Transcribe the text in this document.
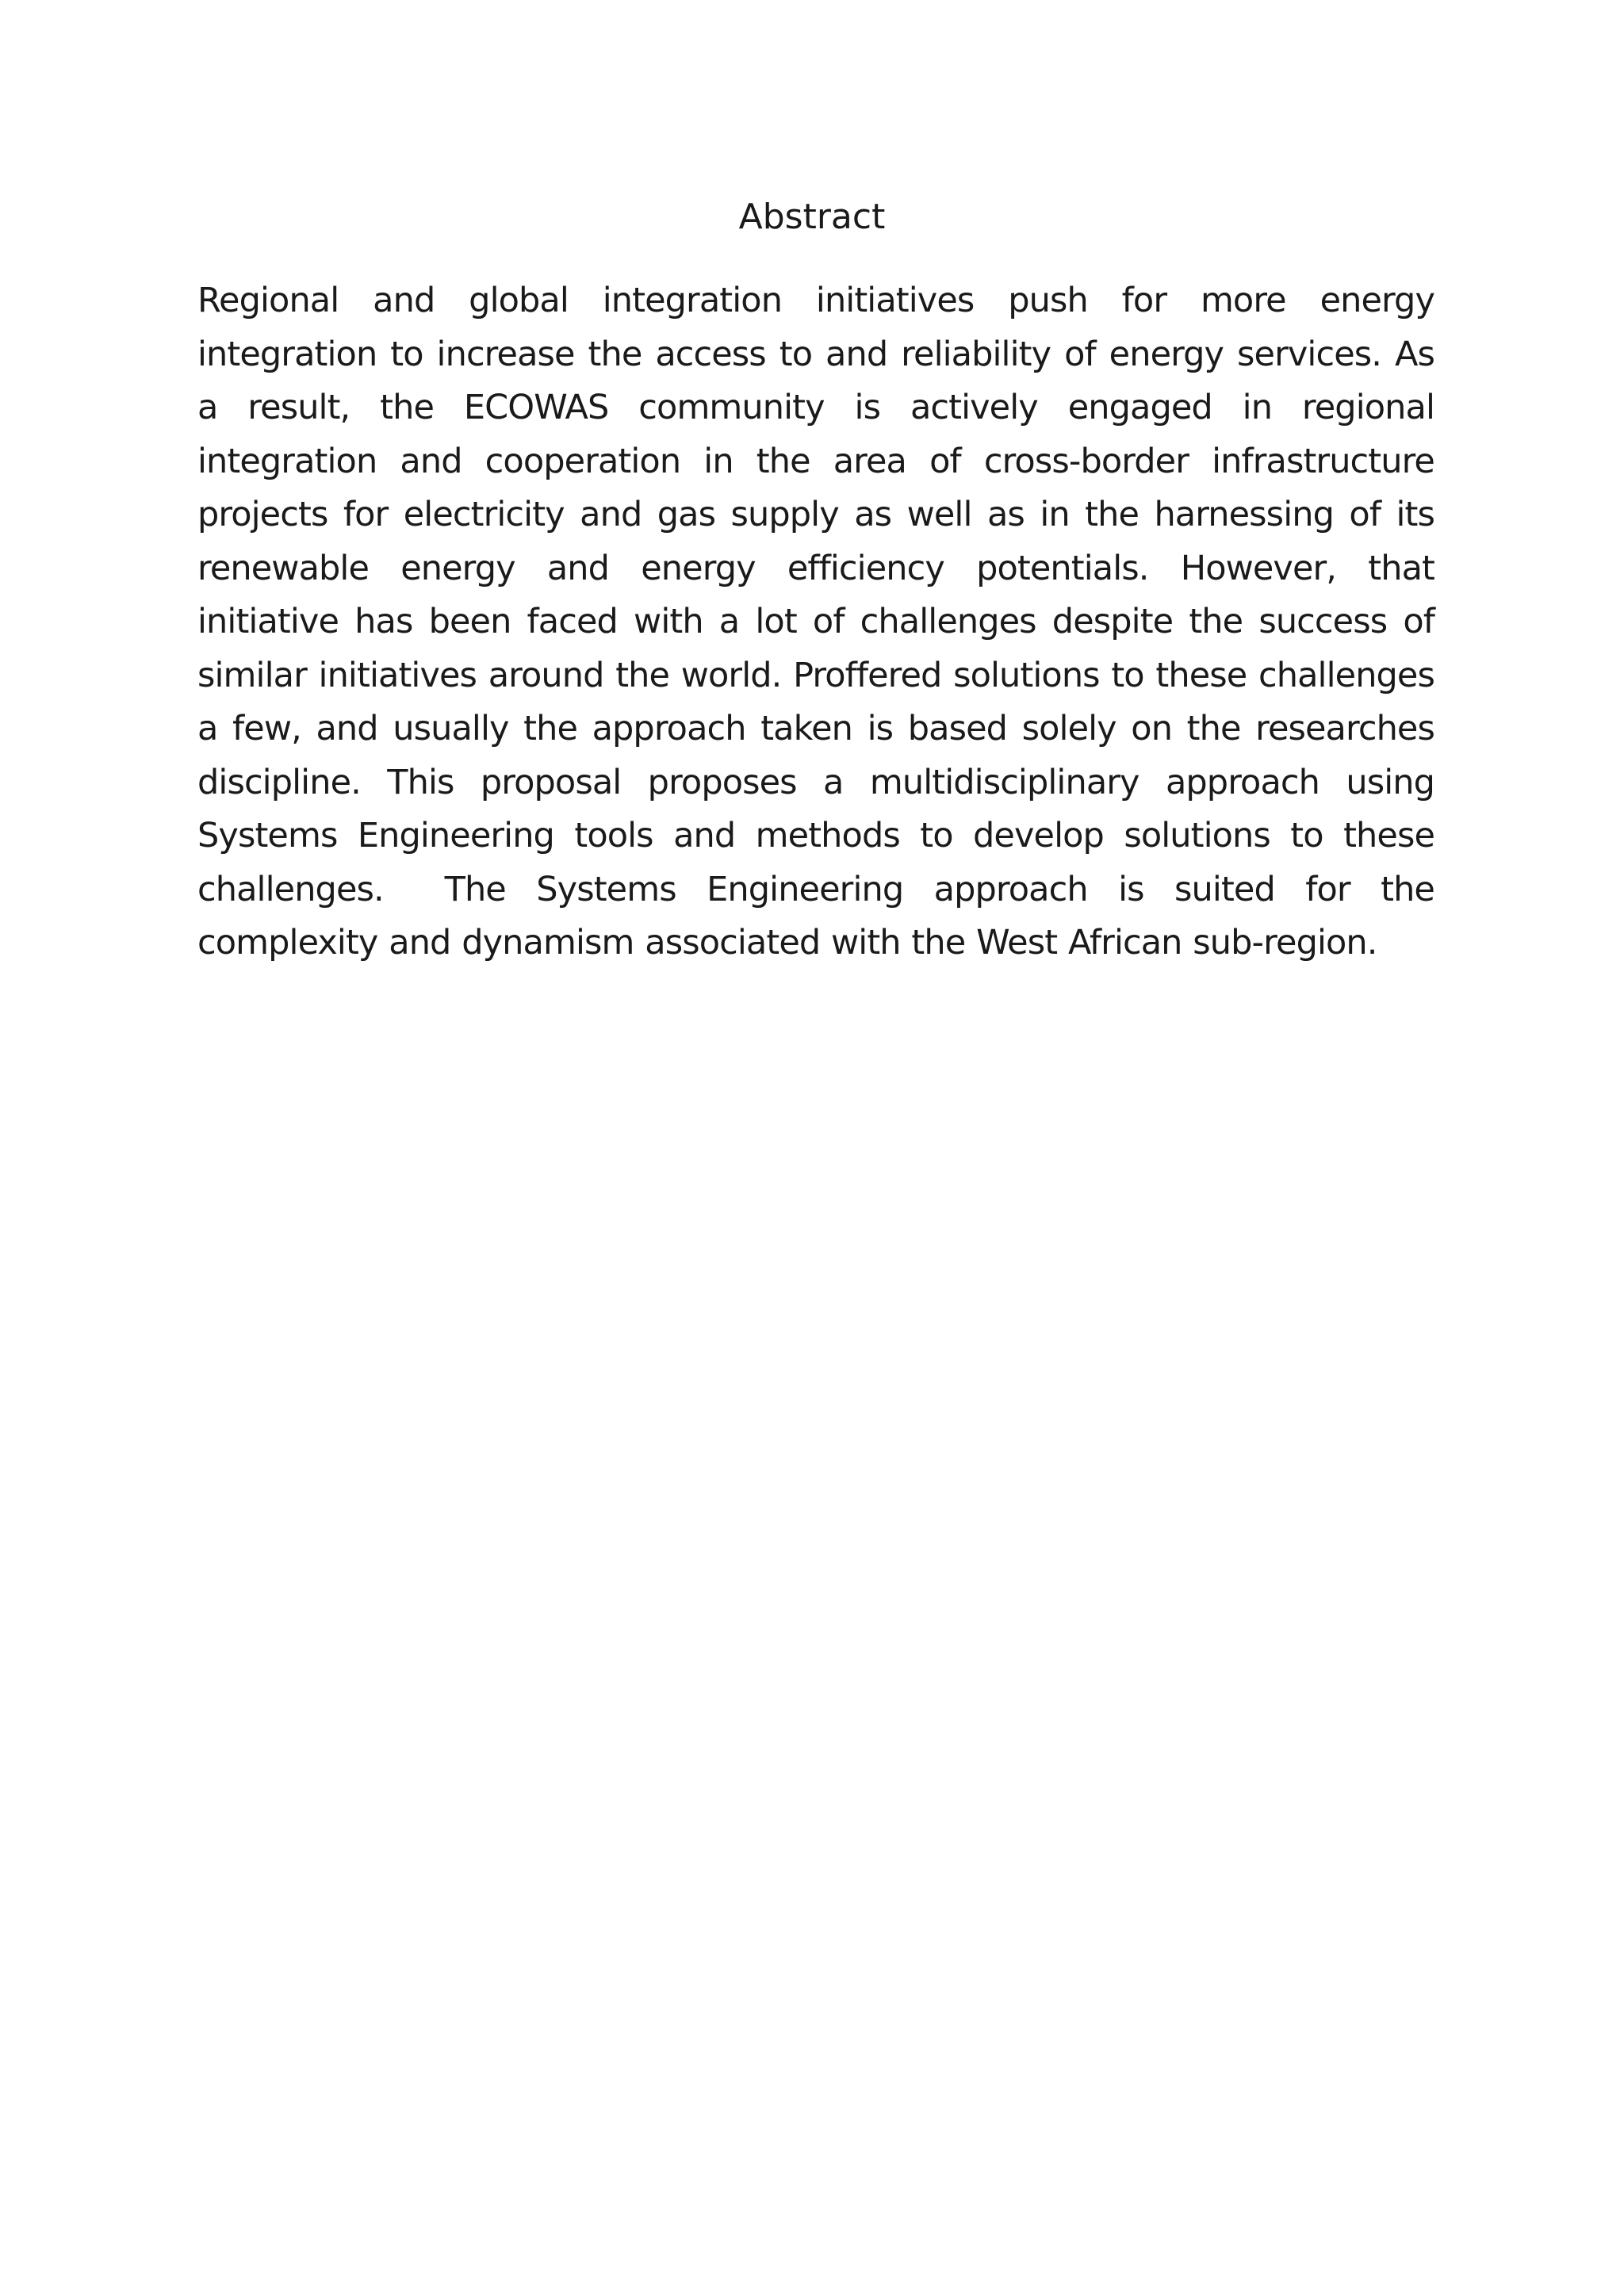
Abstract

Regional and global integration initiatives push for more energy integration to increase the access to and reliability of energy services. As a result, the ECOWAS community is actively engaged in regional integration and cooperation in the area of cross-border infrastructure projects for electricity and gas supply as well as in the harnessing of its renewable energy and energy efficiency potentials. However, that initiative has been faced with a lot of challenges despite the success of similar initiatives around the world. Proffered solutions to these challenges a few, and usually the approach taken is based solely on the researches discipline. This proposal proposes a multidisciplinary approach using Systems Engineering tools and methods to develop solutions to these challenges.  The Systems Engineering approach is suited for the complexity and dynamism associated with the West African sub-region.
